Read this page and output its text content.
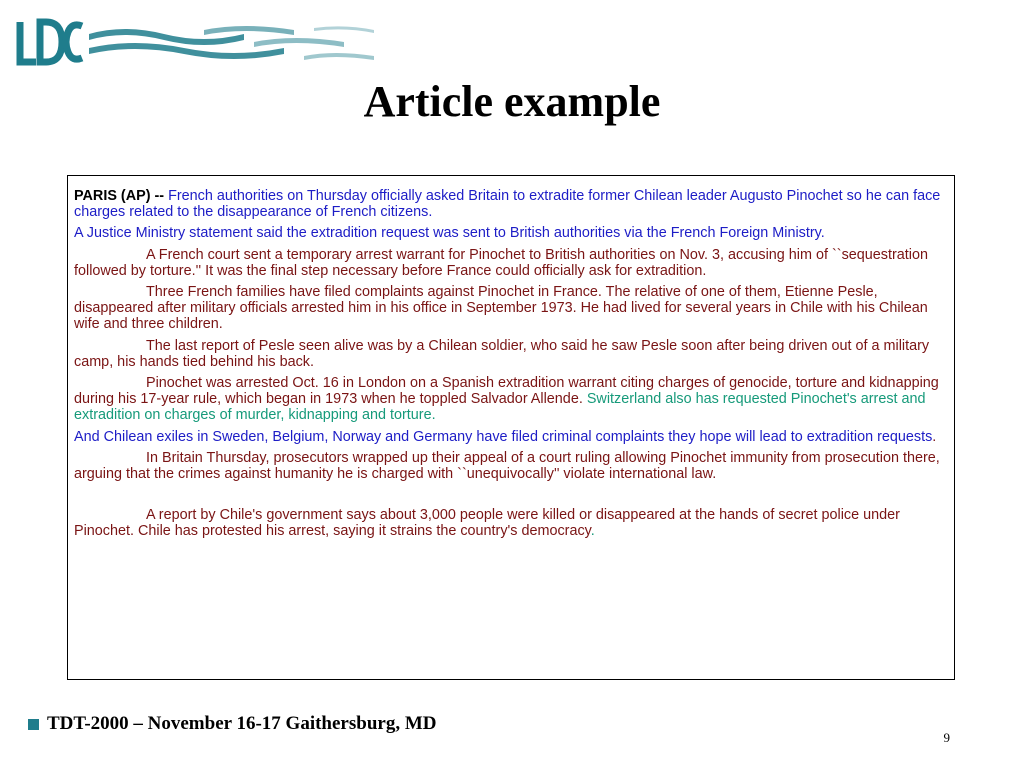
LDC
Article example

PARIS (AP) -- French authorities on Thursday officially asked Britain to extradite former Chilean leader Augusto Pinochet so he can face charges related to the disappearance of French citizens.

A Justice Ministry statement said the extradition request was sent to British authorities via the French Foreign Ministry.

A French court sent a temporary arrest warrant for Pinochet to British authorities on Nov. 3, accusing him of ``sequestration followed by torture.'' It was the final step necessary before France could officially ask for extradition.

Three French families have filed complaints against Pinochet in France. The relative of one of them, Etienne Pesle, disappeared after military officials arrested him in his office in September 1973. He had lived for several years in Chile with his Chilean wife and three children.

The last report of Pesle seen alive was by a Chilean soldier, who said he saw Pesle soon after being driven out of a military camp, his hands tied behind his back.

Pinochet was arrested Oct. 16 in London on a Spanish extradition warrant citing charges of genocide, torture and kidnapping during his 17-year rule, which began in 1973 when he toppled Salvador Allende. Switzerland also has requested Pinochet's arrest and extradition on charges of murder, kidnapping and torture.

And Chilean exiles in Sweden, Belgium, Norway and Germany have filed criminal complaints they hope will lead to extradition requests.

In Britain Thursday, prosecutors wrapped up their appeal of a court ruling allowing Pinochet immunity from prosecution there, arguing that the crimes against humanity he is charged with ``unequivocally'' violate international law.

A report by Chile's government says about 3,000 people were killed or disappeared at the hands of secret police under Pinochet. Chile has protested his arrest, saying it strains the country's democracy.

TDT-2000 – November 16-17 Gaithersburg, MD
9
